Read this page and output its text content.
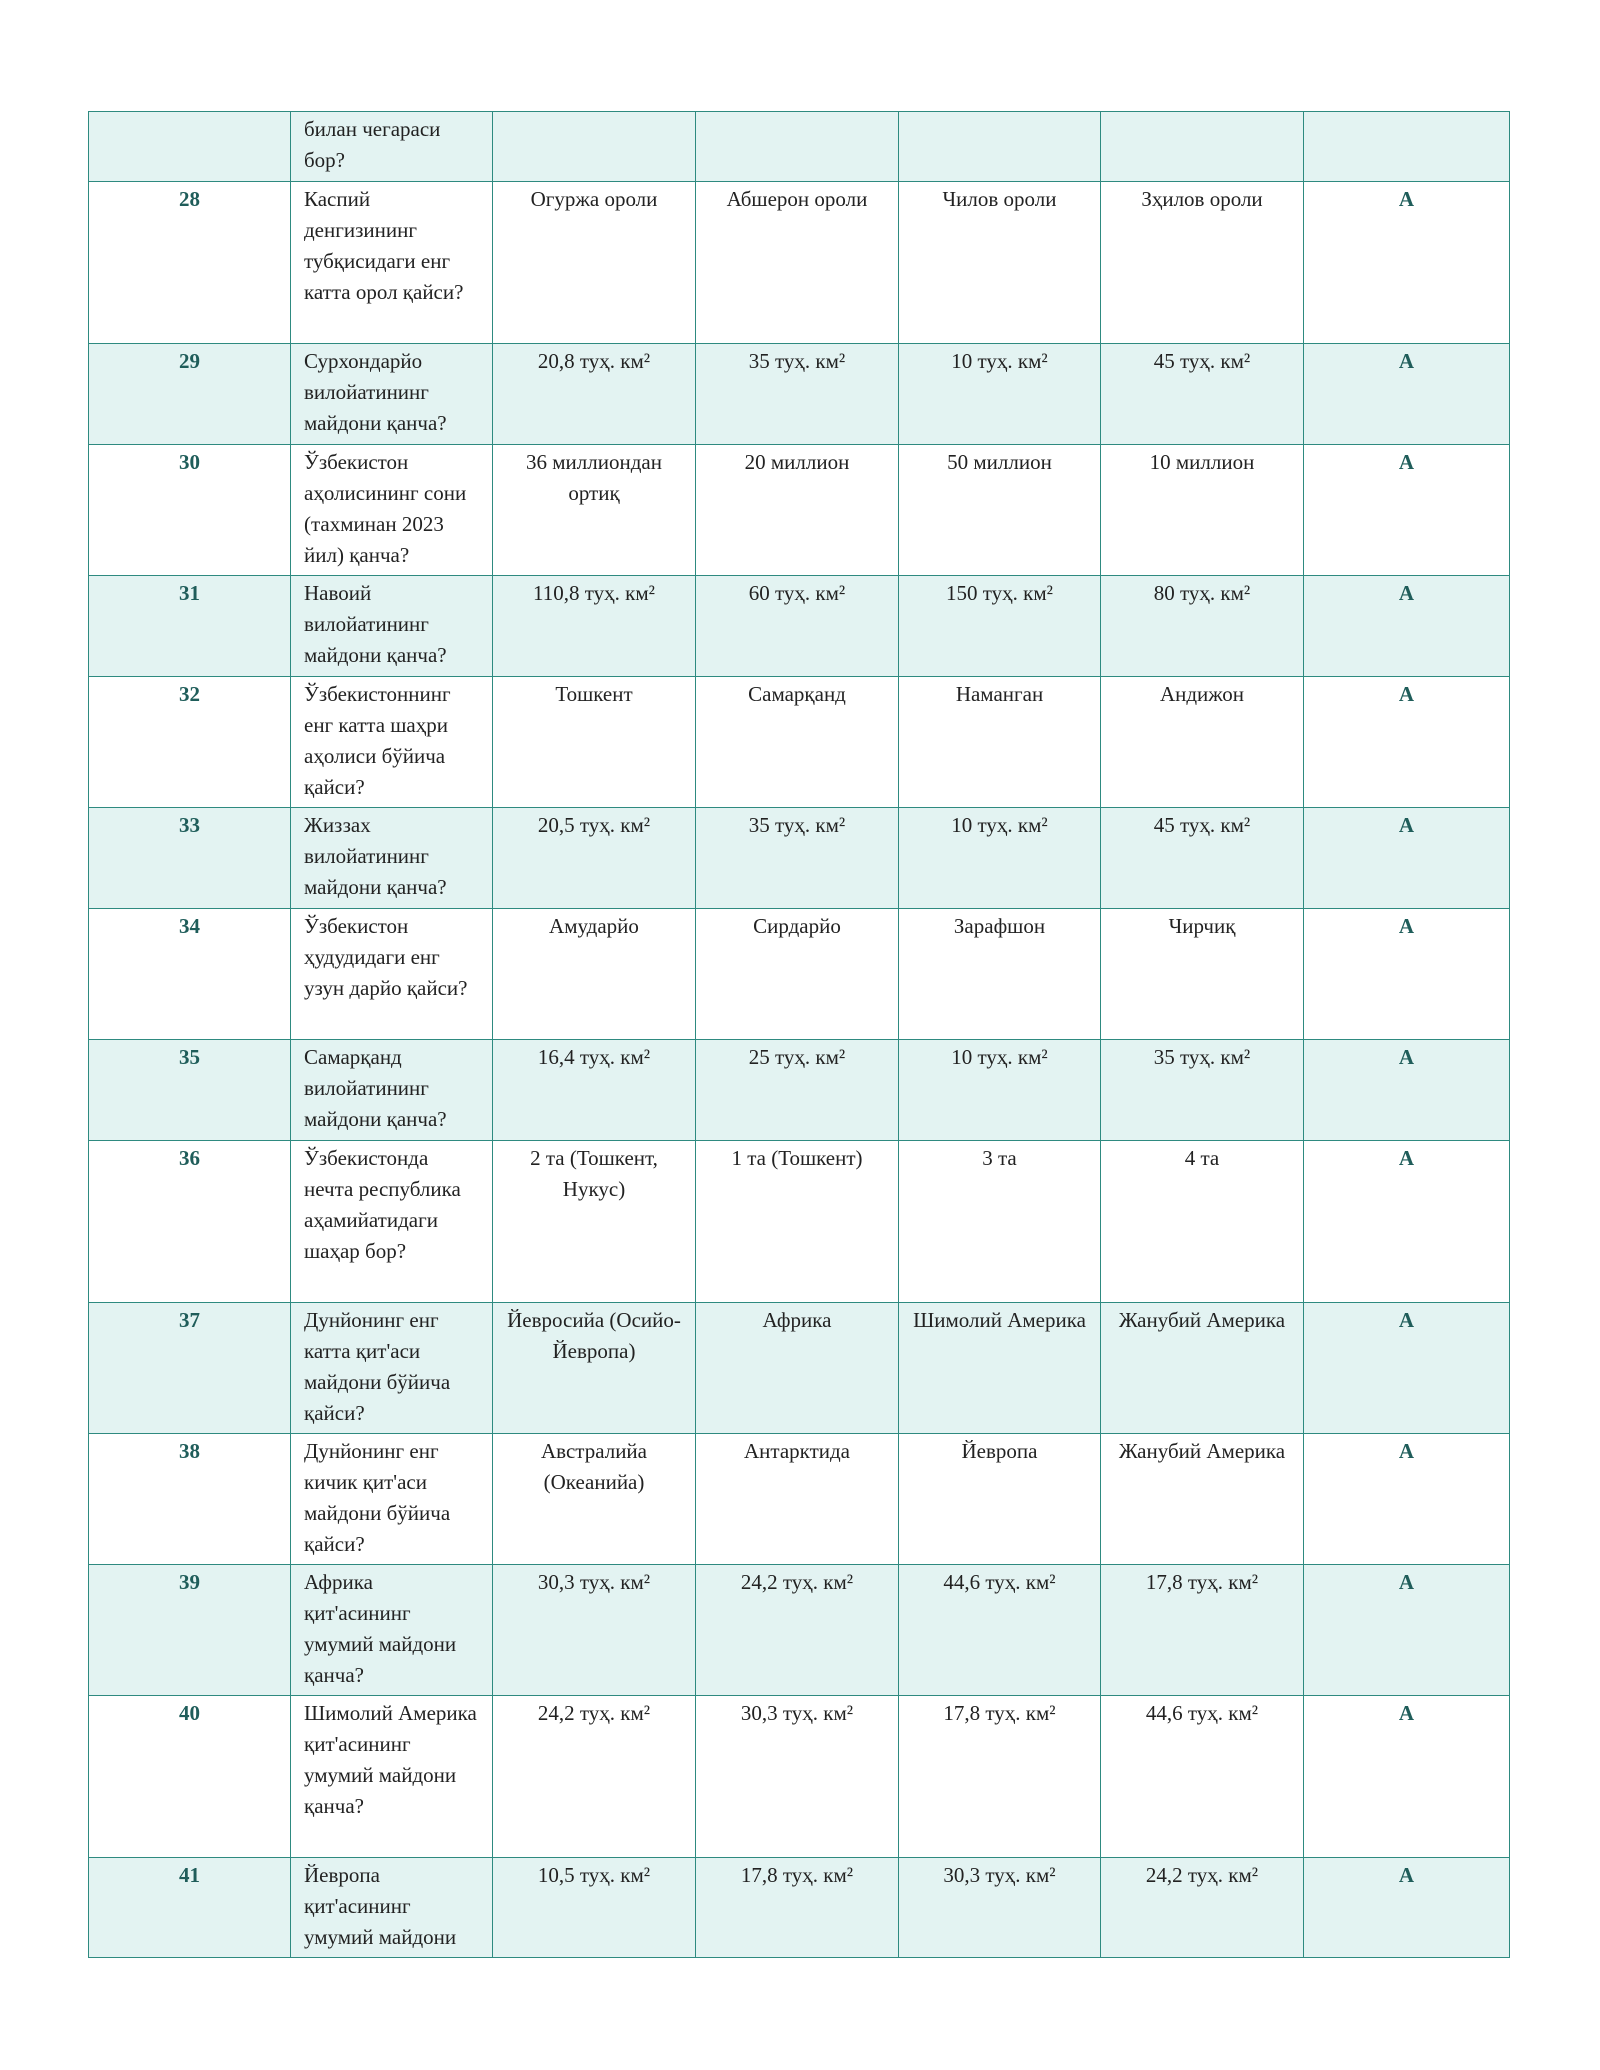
	билан чегараси бор?					
28	Каспий денгизининг тубқисидаги енг катта орол қайси?	Огуржа ороли	Абшерон ороли	Чилов ороли	Зҳилов ороли	А
29	Сурхондарйо вилойатининг майдони қанча?	20,8 туҳ. км²	35 туҳ. км²	10 туҳ. км²	45 туҳ. км²	А
30	Ўзбекистон аҳолисининг сони (тахминан 2023 йил) қанча?	36 миллиондан ортиқ	20 миллион	50 миллион	10 миллион	А
31	Навоий вилойатининг майдони қанча?	110,8 туҳ. км²	60 туҳ. км²	150 туҳ. км²	80 туҳ. км²	А
32	Ўзбекистоннинг енг катта шаҳри аҳолиси бўйича қайси?	Тошкент	Самарқанд	Наманган	Андижон	А
33	Жиззах вилойатининг майдони қанча?	20,5 туҳ. км²	35 туҳ. км²	10 туҳ. км²	45 туҳ. км²	А
34	Ўзбекистон ҳудудидаги енг узун дарйо қайси?	Амударйо	Сирдарйо	Зарафшон	Чирчиқ	А
35	Самарқанд вилойатининг майдони қанча?	16,4 туҳ. км²	25 туҳ. км²	10 туҳ. км²	35 туҳ. км²	А
36	Ўзбекистонда нечта республика аҳамийатидаги шаҳар бор?	2 та (Тошкент, Нукус)	1 та (Тошкент)	3 та	4 та	А
37	Дунйонинг енг катта қит'аси майдони бўйича қайси?	Йевросийа (Осийо-Йевропа)	Африка	Шимолий Америка	Жанубий Америка	А
38	Дунйонинг енг кичик қит'аси майдони бўйича қайси?	Австралийа (Океанийа)	Антарктида	Йевропа	Жанубий Америка	А
39	Африка қит'асининг умумий майдони қанча?	30,3 туҳ. км²	24,2 туҳ. км²	44,6 туҳ. км²	17,8 туҳ. км²	А
40	Шимолий Америка қит'асининг умумий майдони қанча?	24,2 туҳ. км²	30,3 туҳ. км²	17,8 туҳ. км²	44,6 туҳ. км²	А
41	Йевропа қит'асининг умумий майдони	10,5 туҳ. км²	17,8 туҳ. км²	30,3 туҳ. км²	24,2 туҳ. км²	А
